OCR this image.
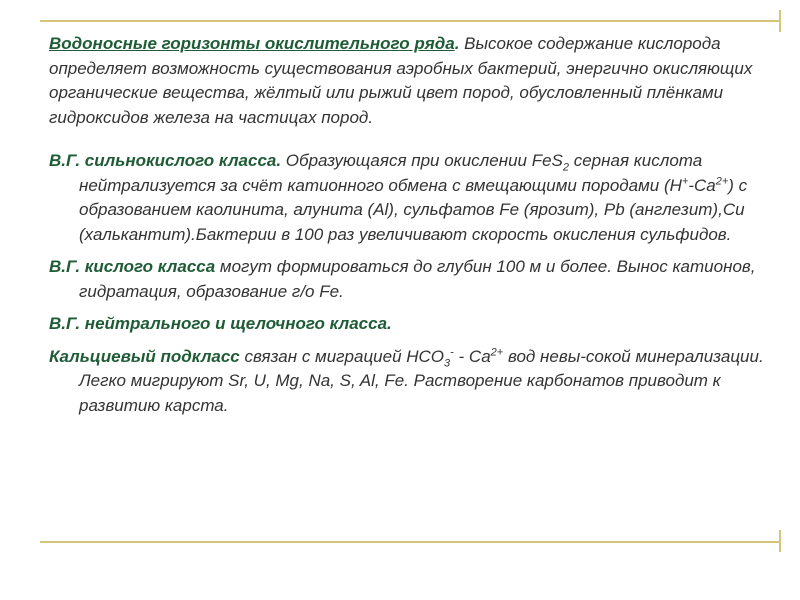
Водоносные горизонты окислительного ряда. Высокое содержание кислорода определяет возможность существования аэробных бактерий, энергично окисляющих органические вещества, жёлтый или рыжий цвет пород, обусловленный плёнками гидроксидов железа на частицах пород.

В.Г. сильнокислого класса. Образующаяся при окислении FeS$_2$ серная кислота нейтрализуется за счёт катионного обмена с вмещающими породами $(H^+-Ca^{2+})$ с образованием каолинита, алунита (Al), сульфатов Fe (ярозит), Pb (англезит),Cu (халькантит).Бактерии в 100 раз увеличивают скорость окисления сульфидов.

В.Г. кислого класса могут формироваться до глубин 100 м и более. Вынос катионов, гидратация, образование г/о Fe.

В.Г. нейтрального и щелочного класса.

Кальциевый подкласс связан с миграцией $HCO_3^- - Ca^{2+}$ вод невы-сокой минерализации. Легко мигрируют Sr, U, Mg, Na, S, Al, Fe. Растворение карбонатов приводит к развитию карста.
